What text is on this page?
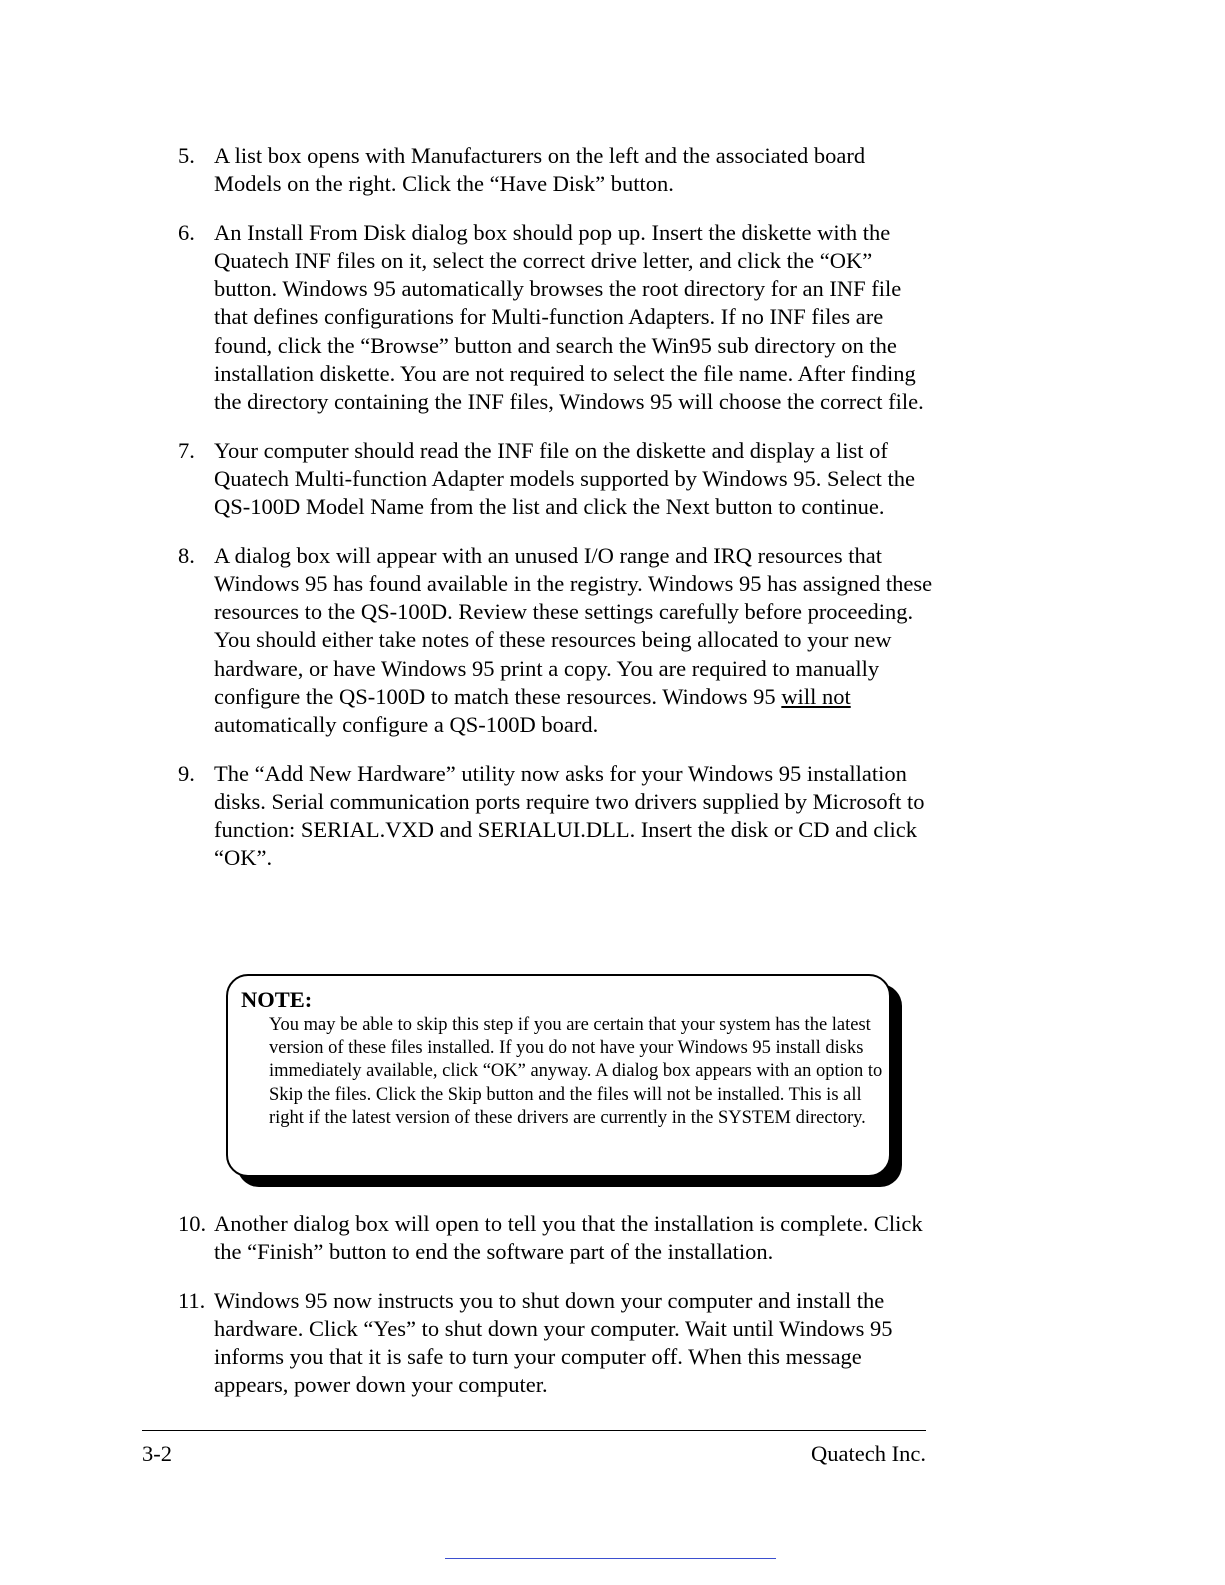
5. A list box opens with Manufacturers on the left and the associated board Models on the right. Click the “Have Disk” button.
6. An Install From Disk dialog box should pop up. Insert the diskette with the Quatech INF files on it, select the correct drive letter, and click the “OK” button. Windows 95 automatically browses the root directory for an INF file that defines configurations for Multi-function Adapters. If no INF files are found, click the “Browse” button and search the Win95 sub directory on the installation diskette. You are not required to select the file name. After finding the directory containing the INF files, Windows 95 will choose the correct file.
7. Your computer should read the INF file on the diskette and display a list of Quatech Multi-function Adapter models supported by Windows 95. Select the QS-100D Model Name from the list and click the Next button to continue.
8. A dialog box will appear with an unused I/O range and IRQ resources that Windows 95 has found available in the registry. Windows 95 has assigned these resources to the QS-100D. Review these settings carefully before proceeding. You should either take notes of these resources being allocated to your new hardware, or have Windows 95 print a copy. You are required to manually configure the QS-100D to match these resources. Windows 95 will not automatically configure a QS-100D board.
9. The “Add New Hardware” utility now asks for your Windows 95 installation disks. Serial communication ports require two drivers supplied by Microsoft to function: SERIAL.VXD and SERIALUI.DLL. Insert the disk or CD and click “OK”.
NOTE:
You may be able to skip this step if you are certain that your system has the latest version of these files installed. If you do not have your Windows 95 install disks immediately available, click “OK” anyway. A dialog box appears with an option to Skip the files. Click the Skip button and the files will not be installed. This is all right if the latest version of these drivers are currently in the SYSTEM directory.
10. Another dialog box will open to tell you that the installation is complete. Click the “Finish” button to end the software part of the installation.
11. Windows 95 now instructs you to shut down your computer and install the hardware. Click “Yes” to shut down your computer. Wait until Windows 95 informs you that it is safe to turn your computer off. When this message appears, power down your computer.
3-2	Quatech Inc.
